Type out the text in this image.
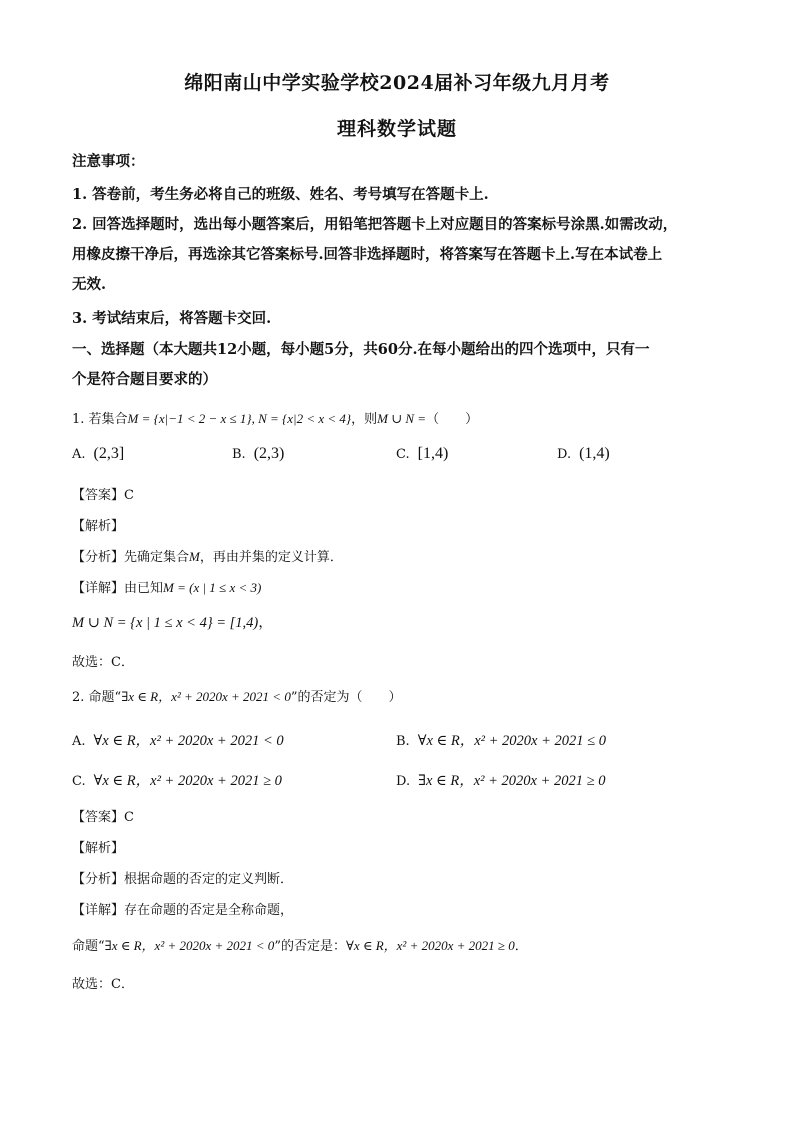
绵阳南山中学实验学校2024届补习年级九月月考
理科数学试题
注意事项：
1. 答卷前，考生务必将自己的班级、姓名、考号填写在答题卡上.
2. 回答选择题时，选出每小题答案后，用铅笔把答题卡上对应题目的答案标号涂黑.如需改动，
用橡皮擦干净后，再选涂其它答案标号.回答非选择题时，将答案写在答题卡上.写在本试卷上
无效.
3. 考试结束后，将答题卡交回.
一、选择题（本大题共12小题，每小题5分，共60分.在每小题给出的四个选项中，只有一
个是符合题目要求的）
1. 若集合M = {x|−1 < 2 − x ≤ 1}, N = {x|2 < x < 4}，则M ∪ N =（　　）
A. (2,3]	B. (2,3)	C. [1,4)	D. (1,4)
【答案】C
【解析】
【分析】先确定集合M，再由并集的定义计算．
【详解】由已知M = (x | 1 ≤ x < 3)
M ∪ N = {x | 1 ≤ x < 4} = [1,4)，
故选：C．
2. 命题“∃x ∈ R，x² + 2020x + 2021 < 0”的否定为（　　）
A. ∀x ∈ R，x² + 2020x + 2021 < 0	B. ∀x ∈ R，x² + 2020x + 2021 ≤ 0
C. ∀x ∈ R，x² + 2020x + 2021 ≥ 0	D. ∃x ∈ R，x² + 2020x + 2021 ≥ 0
【答案】C
【解析】
【分析】根据命题的否定的定义判断．
【详解】存在命题的否定是全称命题，
命题“∃x ∈ R，x² + 2020x + 2021 < 0”的否定是：∀x ∈ R，x² + 2020x + 2021 ≥ 0．
故选：C．
